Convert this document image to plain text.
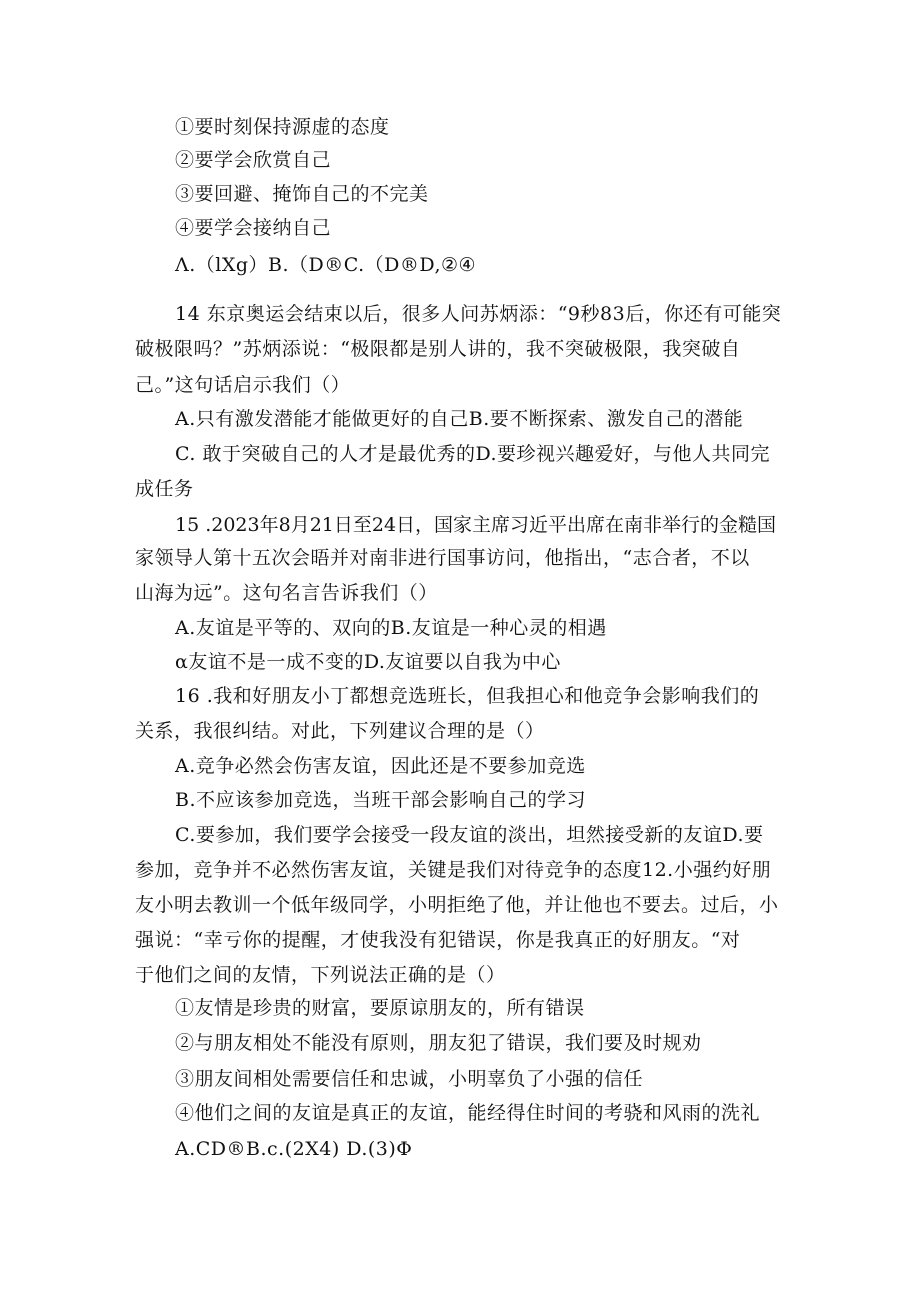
①要时刻保持源虚的态度
②要学会欣赏自己
③要回避、掩饰自己的不完美
④要学会接纳自己
Λ.（lXg）B.（D®C.（D®D,②④
14 东京奥运会结束以后，很多人问苏炳添：“9秒83后，你还有可能突
破极限吗？”苏炳添说：“极限都是别人讲的，我不突破极限，我突破自
己。”这句话启示我们（）
A.只有激发潜能才能做更好的自己B.要不断探索、激发自己的潜能
C. 敢于突破自己的人才是最优秀的D.要珍视兴趣爱好，与他人共同完
成任务
15 .2023年8月21日至24日，国家主席习近平出席在南非举行的金糙国
家领导人第十五次会晤并对南非进行国事访问，他指出，“志合者，不以
山海为远”。这句名言告诉我们（）
A.友谊是平等的、双向的B.友谊是一种心灵的相遇
α友谊不是一成不变的D.友谊要以自我为中心
16 .我和好朋友小丁都想竞选班长，但我担心和他竞争会影响我们的
关系，我很纠结。对此，下列建议合理的是（）
A.竞争必然会伤害友谊，因此还是不要参加竞选
B.不应该参加竞选，当班干部会影响自己的学习
C.要参加，我们要学会接受一段友谊的淡出，坦然接受新的友谊D.要
参加，竞争并不必然伤害友谊，关键是我们对待竞争的态度12.小强约好朋
友小明去教训一个低年级同学，小明拒绝了他，并让他也不要去。过后，小
强说：“幸亏你的提醒，才使我没有犯错误，你是我真正的好朋友。“对
于他们之间的友情，下列说法正确的是（）
①友情是珍贵的财富，要原谅朋友的，所有错误
②与朋友相处不能没有原则，朋友犯了错误，我们要及时规劝
③朋友间相处需要信任和忠诚，小明辜负了小强的信任
④他们之间的友谊是真正的友谊，能经得住时间的考骁和风雨的洗礼
A.CD®B.c.(2X4) D.(3)Φ
